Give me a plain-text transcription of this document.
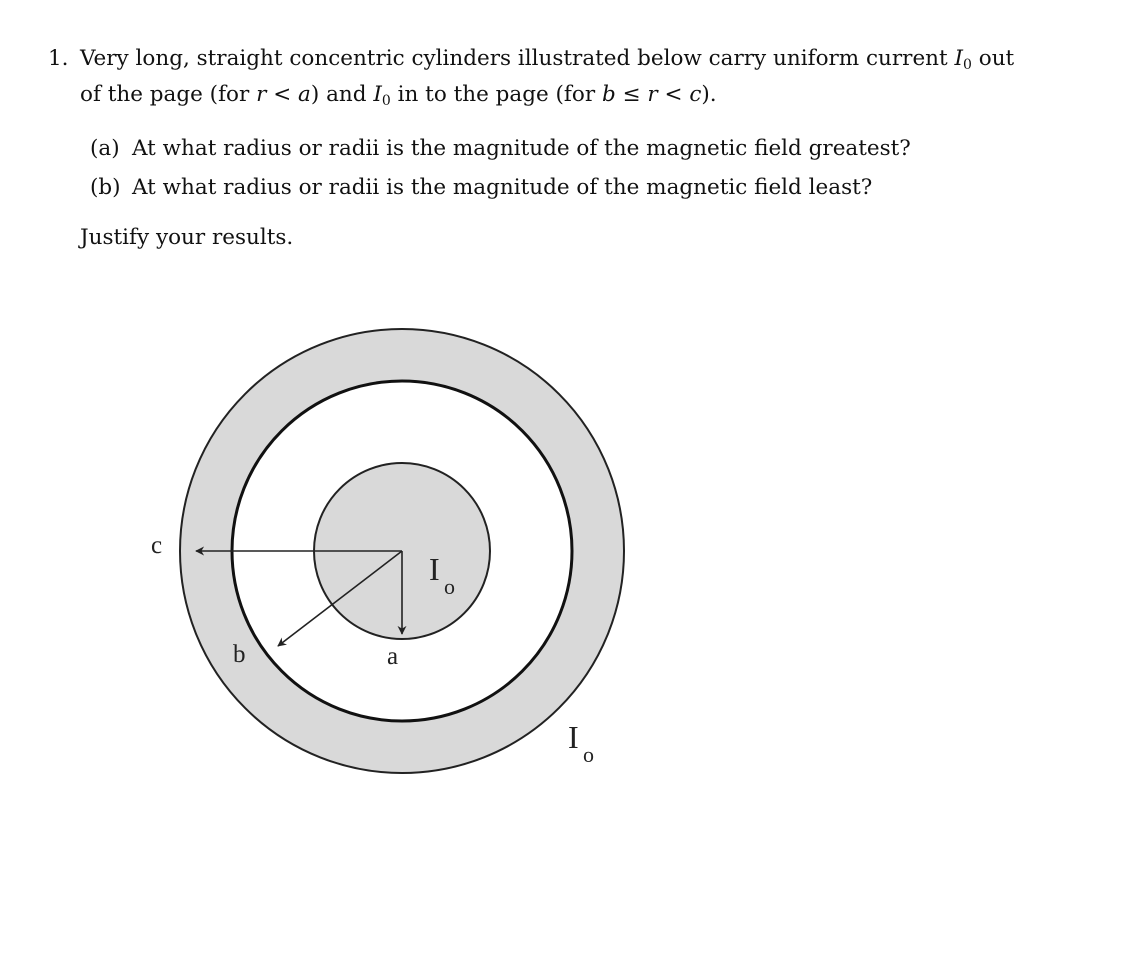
1. Very long, straight concentric cylinders illustrated below carry uniform current $I_0$ out of the page (for r < a) and $I_0$ in to the page (for b ≤ r < c).
(a) At what radius or radii is the magnitude of the magnetic field greatest?
(b) At what radius or radii is the magnitude of the magnetic field least?
Justify your results.
c
b	a
I o
I o
